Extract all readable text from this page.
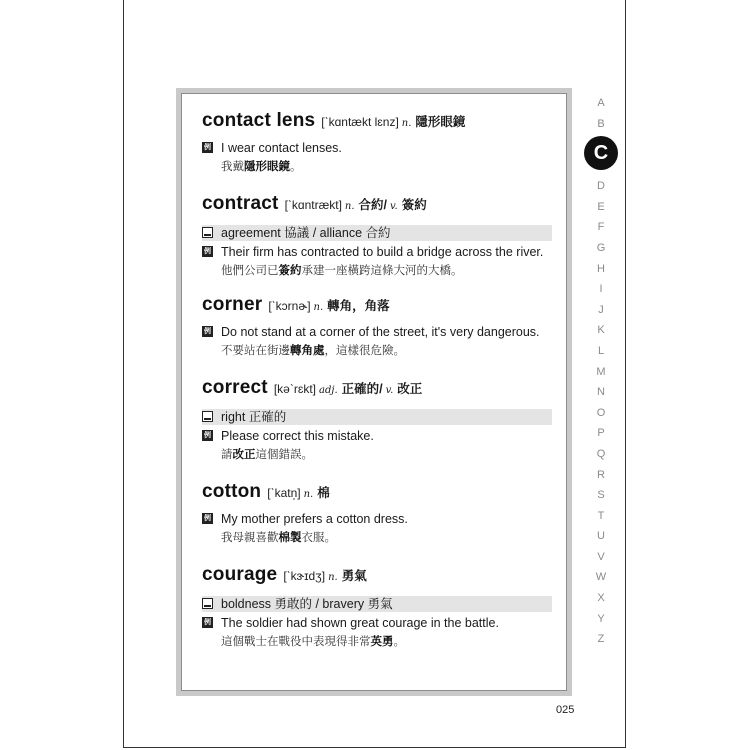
contact lens [ˋkɑntækt lɛnz] n. 隱形眼鏡
例 I wear contact lenses.
我戴隱形眼鏡。
contract [ˋkɑntrækt] n. 合約/ v. 簽約
agreement 協議 / alliance 合約
例 Their firm has contracted to build a bridge across the river.
他們公司已簽約承建一座橫跨這條大河的大橋。
corner [ˋkɔrnɚ] n. 轉角，角落
例 Do not stand at a corner of the street, it's very dangerous.
不要站在街邊轉角處，這樣很危險。
correct [kəˋrɛkt] adj. 正確的/ v. 改正
right 正確的
例 Please correct this mistake.
請改正這個錯誤。
cotton [ˋkatn̩] n. 棉
例 My mother prefers a cotton dress.
我母親喜歡棉製衣服。
courage [ˋkɝɪdʒ] n. 勇氣
boldness 勇敢的 / bravery 勇氣
例 The soldier had shown great courage in the battle.
這個戰士在戰役中表現得非常英勇。
A
B
C
D
E
F
G
H
I
J
K
L
M
N
O
P
Q
R
S
T
U
V
W
X
Y
Z
025
